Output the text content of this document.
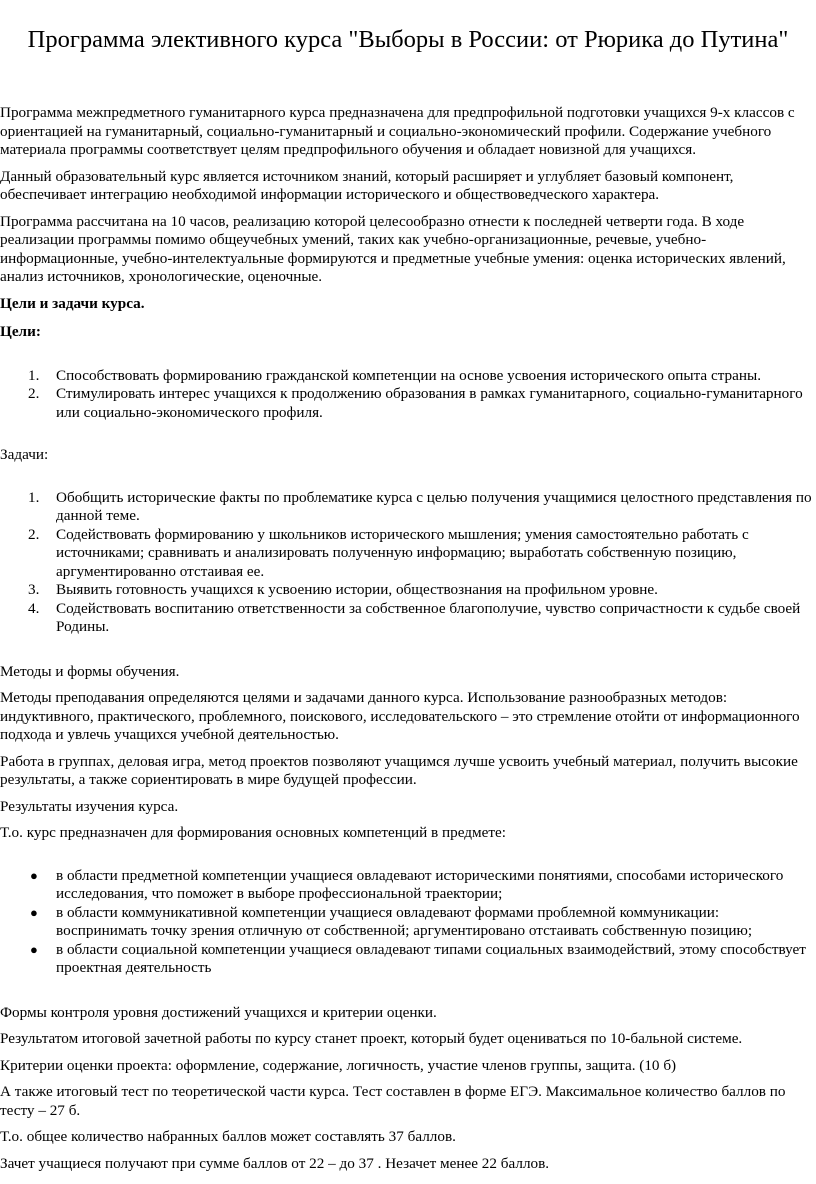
Программа элективного курса "Выборы в России: от Рюрика до Путина"

Программа межпредметного гуманитарного курса предназначена для предпрофильной подготовки учащихся 9-х классов с ориентацией на гуманитарный, социально-гуманитарный и социально-экономический профили. Содержание учебного материала программы соответствует целям предпрофильного обучения и обладает новизной для учащихся.

Данный образовательный курс является источником знаний, который расширяет и углубляет базовый компонент, обеспечивает интеграцию необходимой информации исторического и обществоведческого характера.

Программа рассчитана на 10 часов, реализацию которой целесообразно отнести к последней четверти года. В ходе реализации программы помимо общеучебных умений, таких как учебно-организационные, речевые, учебно-информационные, учебно-интелектуальные формируются и предметные учебные умения: оценка исторических явлений, анализ источников, хронологические, оценочные.

Цели и задачи курса.

Цели:

1. Способствовать формированию гражданской компетенции на основе усвоения исторического опыта страны.
2. Стимулировать интерес учащихся к продолжению образования в рамках гуманитарного, социально-гуманитарного или социально-экономического профиля.

Задачи:

1. Обобщить исторические факты по проблематике курса с целью получения учащимися целостного представления по данной теме.
2. Содействовать формированию у школьников исторического мышления; умения самостоятельно работать с источниками; сравнивать и анализировать полученную информацию; выработать собственную позицию, аргументированно отстаивая ее.
3. Выявить готовность учащихся к усвоению истории, обществознания на профильном уровне.
4. Содействовать воспитанию ответственности за собственное благополучие, чувство сопричастности к судьбе своей Родины.

Методы и формы обучения.

Методы преподавания определяются целями и задачами данного курса. Использование разнообразных методов: индуктивного, практического, проблемного, поискового, исследовательского – это стремление отойти от информационного подхода и увлечь учащихся учебной деятельностью.

Работа в группах, деловая игра, метод проектов позволяют учащимся лучше усвоить учебный материал, получить высокие результаты, а также сориентировать в мире будущей профессии.

Результаты изучения курса.

Т.о. курс предназначен для формирования основных компетенций в предмете:

● в области предметной компетенции учащиеся овладевают историческими понятиями, способами исторического исследования, что поможет в выборе профессиональной траектории;
● в области коммуникативной компетенции учащиеся овладевают формами проблемной коммуникации: воспринимать точку зрения отличную от собственной; аргументировано отстаивать собственную позицию;
● в области социальной компетенции учащиеся овладевают типами социальных взаимодействий, этому способствует проектная деятельность

Формы контроля уровня достижений учащихся и критерии оценки.

Результатом итоговой зачетной работы по курсу станет проект, который будет оцениваться по 10-бальной системе.

Критерии оценки проекта: оформление, содержание, логичность, участие членов группы, защита. (10 б)

А также итоговый тест по теоретической части курса. Тест составлен в форме ЕГЭ. Максимальное количество баллов по тесту – 27 б.

Т.о. общее количество набранных баллов может составлять 37 баллов.

Зачет учащиеся получают при сумме баллов от 22 – до 37 . Незачет менее 22 баллов.
